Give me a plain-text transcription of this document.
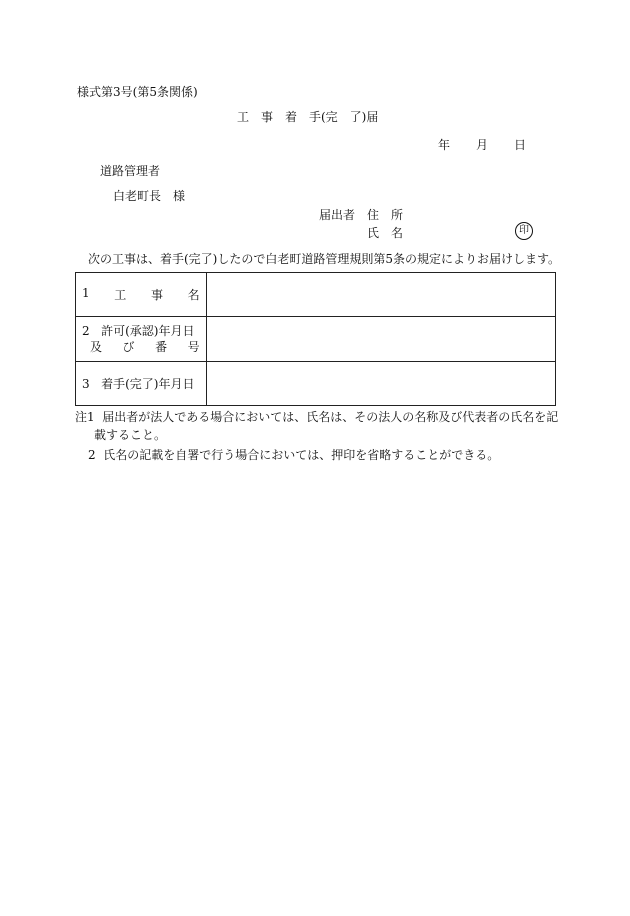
様式第3号(第5条関係)
工　事　着　手(完　了)届
年 月 日
道路管理者
白老町長　様
届出者　住　所
氏　名	印
次の工事は、着手(完了)したので白老町道路管理規則第5条の規定によりお届けします。
1 工 事 名	

2 許可(承認)年月日
及 び 番 号	

3 着手(完了)年月日	
注1 届出者が法人である場合においては、氏名は、その法人の名称及び代表者の氏名を記
載すること。
2 氏名の記載を自署で行う場合においては、押印を省略することができる。
